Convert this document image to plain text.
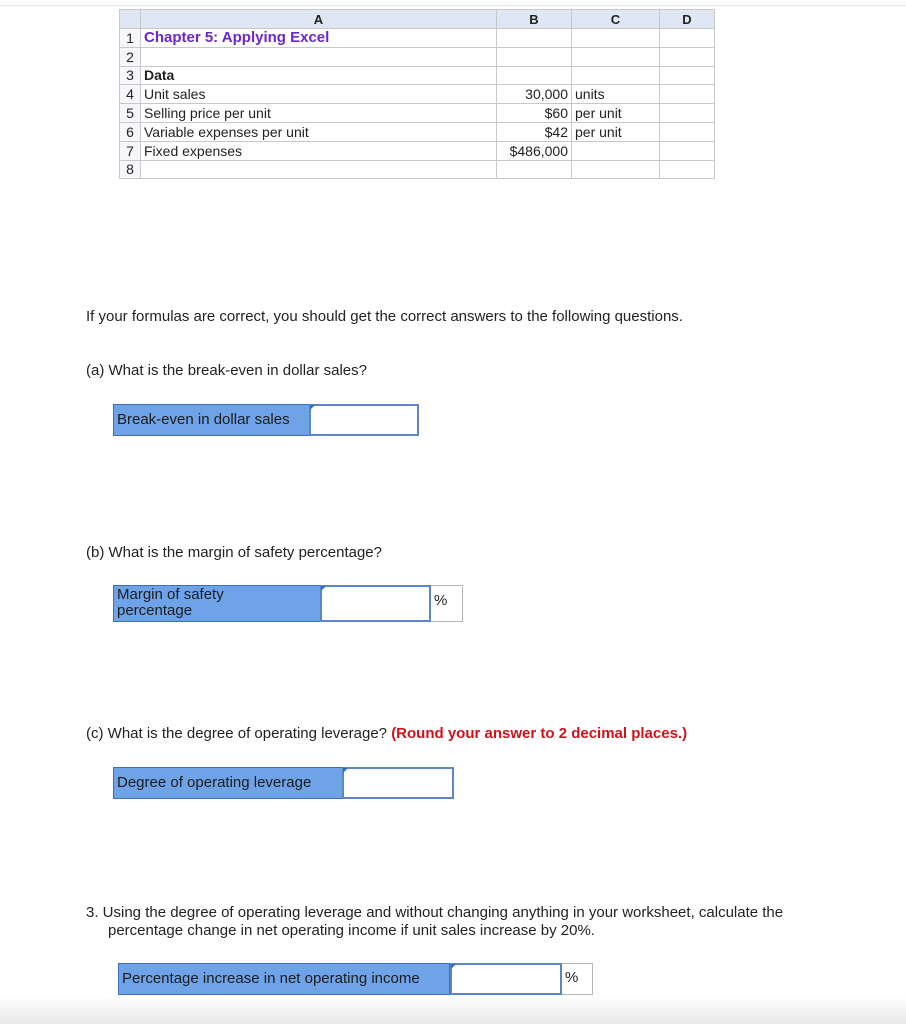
	A	B	C	D
1	Chapter 5: Applying Excel			
2				
3	Data			
4	Unit sales	30,000	units	
5	Selling price per unit	$60	per unit	
6	Variable expenses per unit	$42	per unit	
7	Fixed expenses	$486,000		
8				

If your formulas are correct, you should get the correct answers to the following questions.

(a) What is the break-even in dollar sales?

Break-even in dollar sales

(b) What is the margin of safety percentage?

Margin of safety
percentage
%

(c) What is the degree of operating leverage? (Round your answer to 2 decimal places.)

Degree of operating leverage

3. Using the degree of operating leverage and without changing anything in your worksheet, calculate the

percentage change in net operating income if unit sales increase by 20%.

Percentage increase in net operating income	%
